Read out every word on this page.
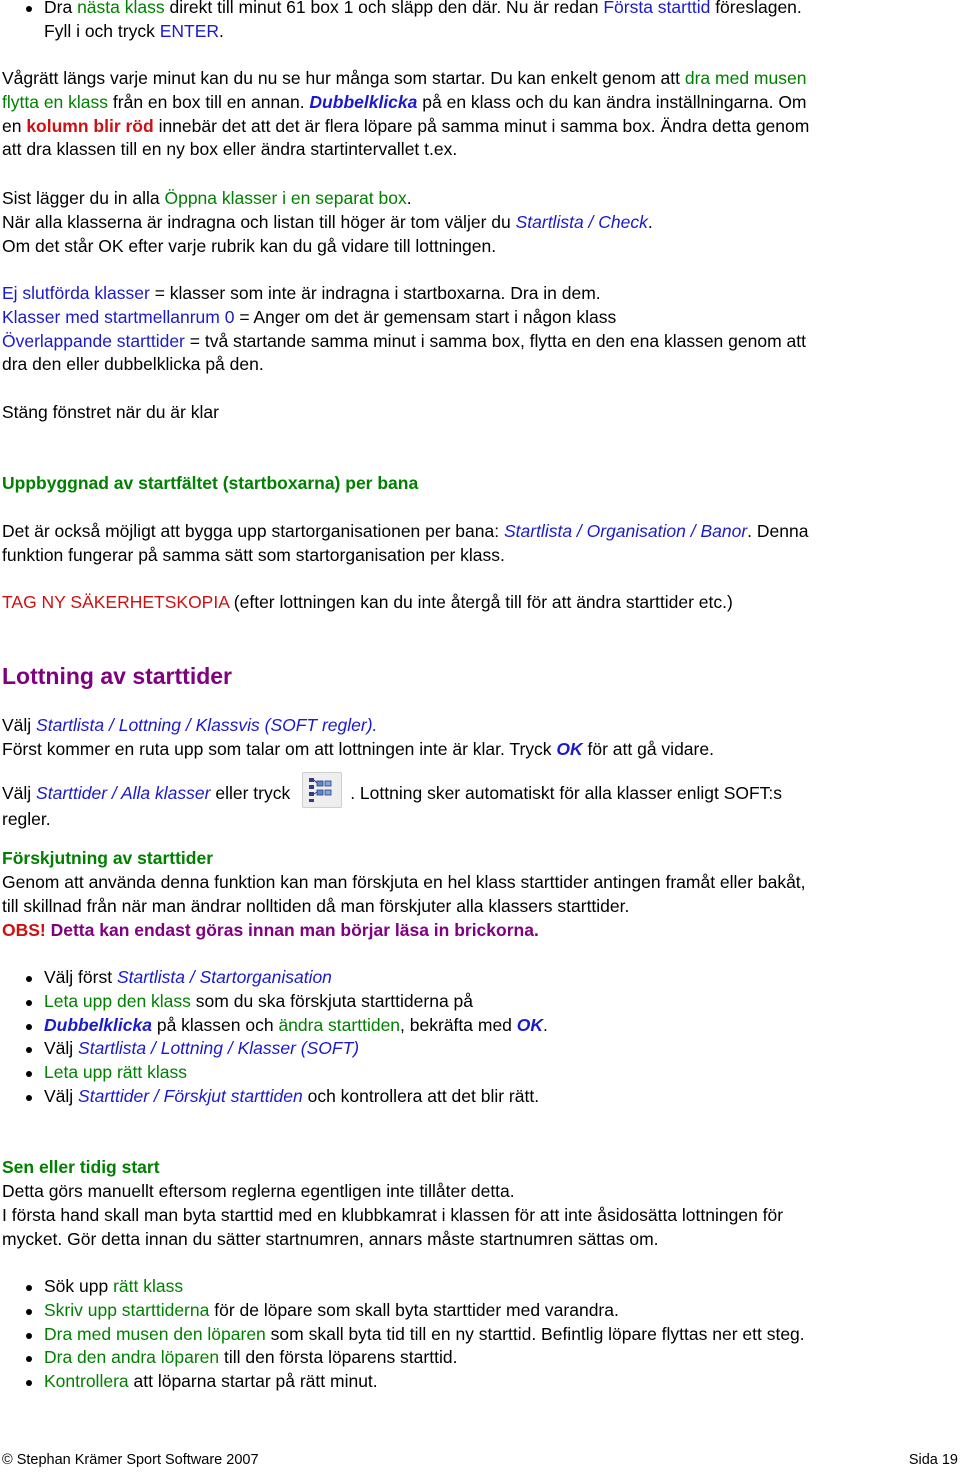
Dra nästa klass direkt till minut 61 box 1 och släpp den där. Nu är redan Första starttid föreslagen.
Fyll i och tryck ENTER.
Vågrätt längs varje minut kan du nu se hur många som startar. Du kan enkelt genom att dra med musen
flytta en klass från en box till en annan. Dubbelklicka på en klass och du kan ändra inställningarna. Om
en kolumn blir röd innebär det att det är flera löpare på samma minut i samma box. Ändra detta genom
att dra klassen till en ny box eller ändra startintervallet t.ex.
Sist lägger du in alla Öppna klasser i en separat box.
När alla klasserna är indragna och listan till höger är tom väljer du Startlista / Check.
Om det står OK efter varje rubrik kan du gå vidare till lottningen.
Ej slutförda klasser = klasser som inte är indragna i startboxarna. Dra in dem.
Klasser med startmellanrum 0 = Anger om det är gemensam start i någon klass
Överlappande starttider = två startande samma minut i samma box, flytta en den ena klassen genom att
dra den eller dubbelklicka på den.
Stäng fönstret när du är klar
Uppbyggnad av startfältet (startboxarna) per bana
Det är också möjligt att bygga upp startorganisationen per bana: Startlista / Organisation / Banor. Denna
funktion fungerar på samma sätt som startorganisation per klass.
TAG NY SÄKERHETSKOPIA (efter lottningen kan du inte återgå till för att ändra starttider etc.)
Lottning av starttider
Välj Startlista / Lottning / Klassvis (SOFT regler).
Först kommer en ruta upp som talar om att lottningen inte är klar. Tryck OK för att gå vidare.
Välj Starttider / Alla klasser eller tryck	. Lottning sker automatiskt för alla klasser enligt SOFT:s
regler.
Förskjutning av starttider
Genom att använda denna funktion kan man förskjuta en hel klass starttider antingen framåt eller bakåt,
till skillnad från när man ändrar nolltiden då man förskjuter alla klassers starttider.
OBS! Detta kan endast göras innan man börjar läsa in brickorna.
Välj först Startlista / Startorganisation
Leta upp den klass som du ska förskjuta starttiderna på
Dubbelklicka på klassen och ändra starttiden, bekräfta med OK.
Välj Startlista / Lottning / Klasser (SOFT)
Leta upp rätt klass
Välj Starttider / Förskjut starttiden och kontrollera att det blir rätt.
Sen eller tidig start
Detta görs manuellt eftersom reglerna egentligen inte tillåter detta.
I första hand skall man byta starttid med en klubbkamrat i klassen för att inte åsidosätta lottningen för
mycket. Gör detta innan du sätter startnumren, annars måste startnumren sättas om.
Sök upp rätt klass
Skriv upp starttiderna för de löpare som skall byta starttider med varandra.
Dra med musen den löparen som skall byta tid till en ny starttid. Befintlig löpare flyttas ner ett steg.
Dra den andra löparen till den första löparens starttid.
Kontrollera att löparna startar på rätt minut.
© Stephan Krämer Sport Software 2007	Sida 19
